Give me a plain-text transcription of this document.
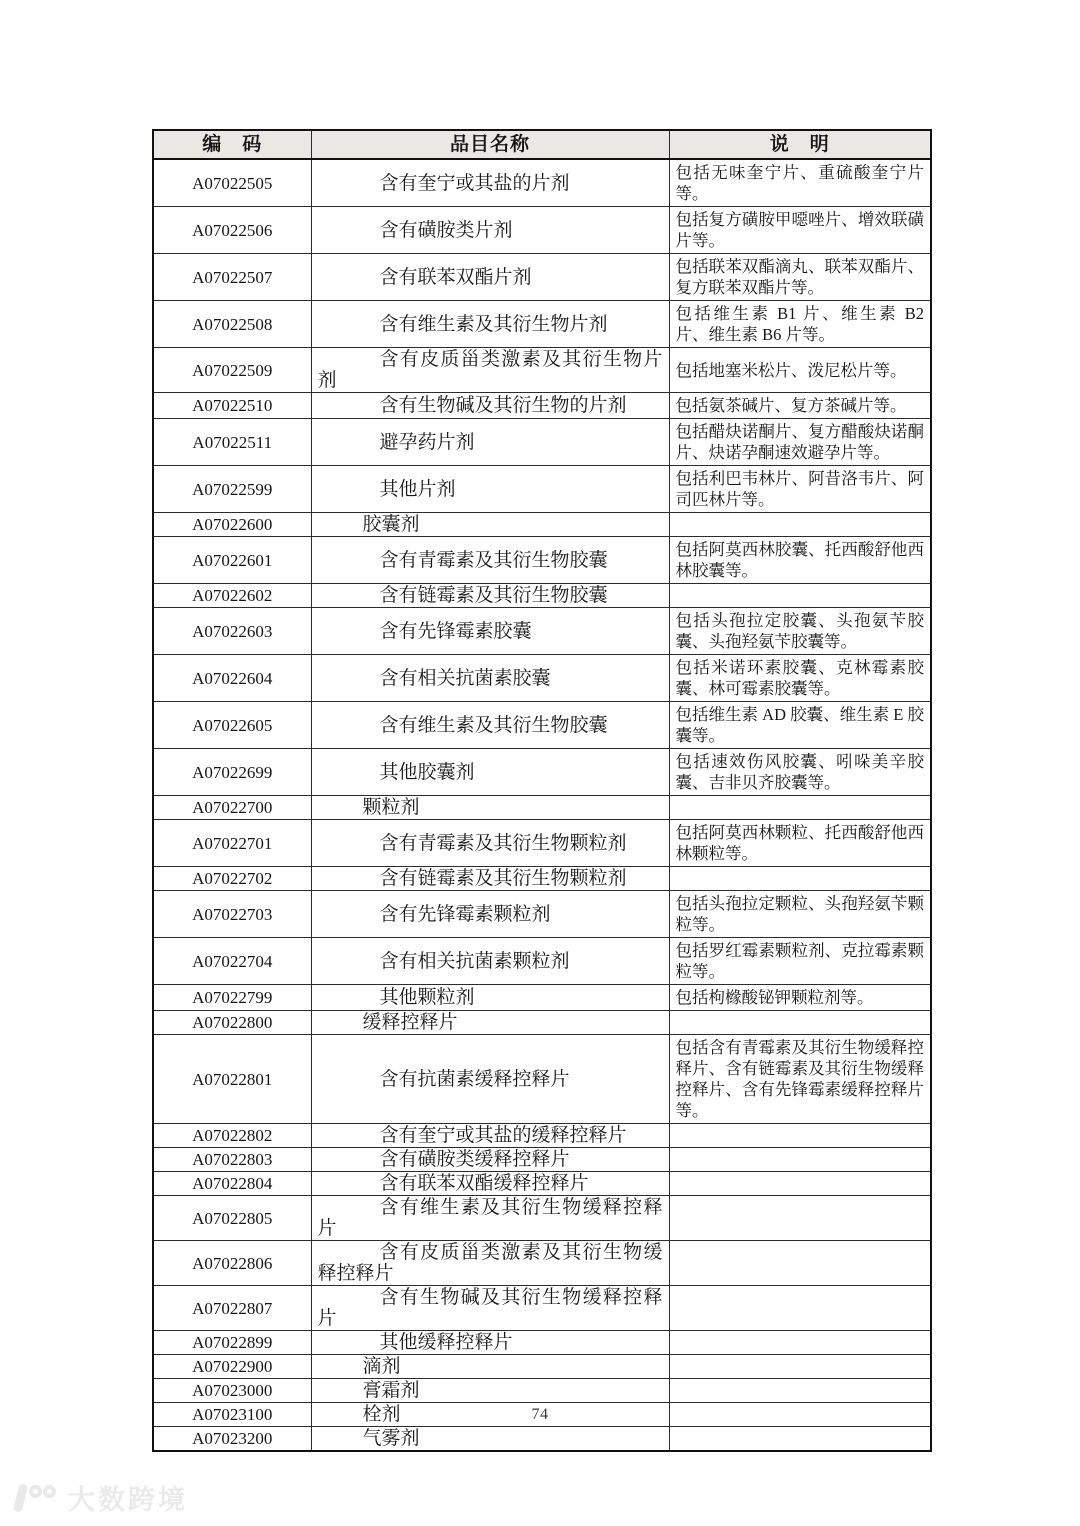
编　码	品目名称	说　明
A07022505	含有奎宁或其盐的片剂	包括无味奎宁片、重硫酸奎宁片等。
A07022506	含有磺胺类片剂	包括复方磺胺甲噁唑片、增效联磺片等。
A07022507	含有联苯双酯片剂	包括联苯双酯滴丸、联苯双酯片、复方联苯双酯片等。
A07022508	含有维生素及其衍生物片剂	包括维生素 B1 片、维生素 B2 片、维生素 B6 片等。
A07022509	含有皮质甾类激素及其衍生物片剂	包括地塞米松片、泼尼松片等。
A07022510	含有生物碱及其衍生物的片剂	包括氨茶碱片、复方茶碱片等。
A07022511	避孕药片剂	包括醋炔诺酮片、复方醋酸炔诺酮片、炔诺孕酮速效避孕片等。
A07022599	其他片剂	包括利巴韦林片、阿昔洛韦片、阿司匹林片等。
A07022600	胶囊剂	
A07022601	含有青霉素及其衍生物胶囊	包括阿莫西林胶囊、托西酸舒他西林胶囊等。
A07022602	含有链霉素及其衍生物胶囊	
A07022603	含有先锋霉素胶囊	包括头孢拉定胶囊、头孢氨苄胶囊、头孢羟氨苄胶囊等。
A07022604	含有相关抗菌素胶囊	包括米诺环素胶囊、克林霉素胶囊、林可霉素胶囊等。
A07022605	含有维生素及其衍生物胶囊	包括维生素 AD 胶囊、维生素 E 胶囊等。
A07022699	其他胶囊剂	包括速效伤风胶囊、吲哚美辛胶囊、吉非贝齐胶囊等。
A07022700	颗粒剂	
A07022701	含有青霉素及其衍生物颗粒剂	包括阿莫西林颗粒、托西酸舒他西林颗粒等。
A07022702	含有链霉素及其衍生物颗粒剂	
A07022703	含有先锋霉素颗粒剂	包括头孢拉定颗粒、头孢羟氨苄颗粒等。
A07022704	含有相关抗菌素颗粒剂	包括罗红霉素颗粒剂、克拉霉素颗粒等。
A07022799	其他颗粒剂	包括枸橼酸铋钾颗粒剂等。
A07022800	缓释控释片	
A07022801	含有抗菌素缓释控释片	包括含有青霉素及其衍生物缓释控释片、含有链霉素及其衍生物缓释控释片、含有先锋霉素缓释控释片等。
A07022802	含有奎宁或其盐的缓释控释片	
A07022803	含有磺胺类缓释控释片	
A07022804	含有联苯双酯缓释控释片	
A07022805	含有维生素及其衍生物缓释控释片	
A07022806	含有皮质甾类激素及其衍生物缓释控释片	
A07022807	含有生物碱及其衍生物缓释控释片	
A07022899	其他缓释控释片	
A07022900	滴剂	
A07023000	膏霜剂	
A07023100	栓剂	
A07023200	气雾剂	
74
大数跨境
